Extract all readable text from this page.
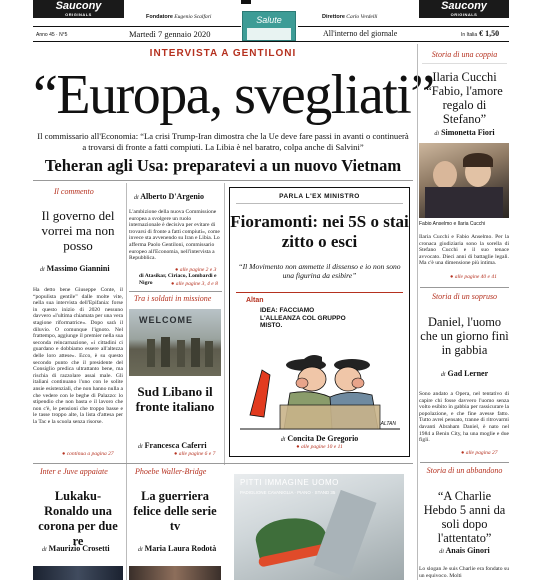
Saucony
ORIGINALS
Saucony
ORIGINALS
Fondatore Eugenio Scalfari	Direttore Carlo Verdelli
Salute
Anno 45 · N°5	Martedì 7 gennaio 2020	All'interno del giornale	In Italia € 1,50
INTERVISTA A GENTILONI
“Europa, svegliati”
Il commissario all'Economia: “La crisi Trump-Iran dimostra che la Ue deve fare passi in avanti o continuerà a trovarsi di fronte a fatti compiuti. La Libia è nel baratro, colpa anche di Salvini”
Teheran agli Usa: preparatevi a un nuovo Vietnam
Storia di una coppia
Ilaria Cucchi “Fabio, l'amore regalo di Stefano”
di Simonetta Fiori
Fabio Anselmo e Ilaria Cucchi
Ilaria Cucchi e Fabio Anselmo. Per la cronaca giudiziaria sono la sorella di Stefano Cucchi e il suo tenace avvocato. Dieci anni di battaglie legali. Ma c'è una dimensione più intima.
● alle pagine 40 e 41
Storia di un sopruso
Daniel, l'uomo che un giorno finì in gabbia
di Gad Lerner
Sono andato a Opera, nel tentativo di capire chi fosse davvero l'uomo senza volto esibito in gabbia per rassicurare la popolazione, e che fine avesse fatto. Tutto avrei pensato, tranne di ritrovarmi davanti Abraham Daniel, è nato nel 1984 a Benin City, ha una moglie e due figli.
● alle pagina 27
Storia di un abbandono
“A Charlie Hebdo 5 anni da soli dopo l'attentato”
di Anais Ginori
Lo slogan Je suis Charlie era fondato su un equivoco. Molti
Il commento
Il governo del vorrei ma non posso
di Massimo Giannini
Ha detto bene Giuseppe Conte, il “populista gentile” dalle molte vite, nella sua intervista dell'Epifania: forse in questo inizio di 2020 nessuno davvero «l'ultima chiamata per una vera stagione riformatrice». Dopo sarà il diluvio. O comunque l'ignoto. Nel frattempo, aggiunge il premier nella sua seconda reincarnazione, «i cittadini ci guardano e dobbiamo essere all'altezza delle loro attese». Ecco, è su questo secondo punto che il presidente del Consiglio predica ultrattanto bene, ma rischia di razzolare assai male. Gli italiani continuano l'uno con le solite ansie esistenziali, che non hanno nulla a che vedere con le beghe di Palazzo: lo stipendio che non basta e il lavoro che non c'è, le pensioni che troppo basse e le tasse troppo alte, la lista d'attesa per la Tac e la scuola senza risorse.
● continua a pagina 27
di Alberto D'Argenio
L'ambizione della nuova Commissione europea a svolgere un ruolo internazionale è decisiva per evitare di trovarsi di fronte a fatti compiuti», come invece sta avvenendo su Iran e Libia. Lo afferma Paolo Gentiloni, commissario europeo all'Economia, nell'intervista a Repubblica.
● alle pagine 2 e 3
di Atasikar, Ciriaco, Lombardi e Nigro	● alle pagine 3, 4 e 8
Tra i soldati in missione
WELCOME
Sud Libano il fronte italiano
di Francesca Caferri
● alle pagine 6 e 7
PARLA L'EX MINISTRO
Fioramonti: nei 5S o stai zitto o esci
“Il Movimento non ammette il dissenso e io non sono una figurina da esibire”
Altan
IDEA: FACCIAMO L'ALLEANZA COL GRUPPO MISTO.
ALTAN
di Concita De Gregorio
● alle pagine 10 e 11
Inter e Juve appaiate
Lukaku-Ronaldo una corona per due re
di Maurizio Crosetti
Phoebe Waller-Bridge
La guerriera felice delle serie tv
di Maria Laura Rodotà
PITTI IMMAGINE UOMO
PADIGLIONE CAVANIGLIA · PIANO · STAND 35
